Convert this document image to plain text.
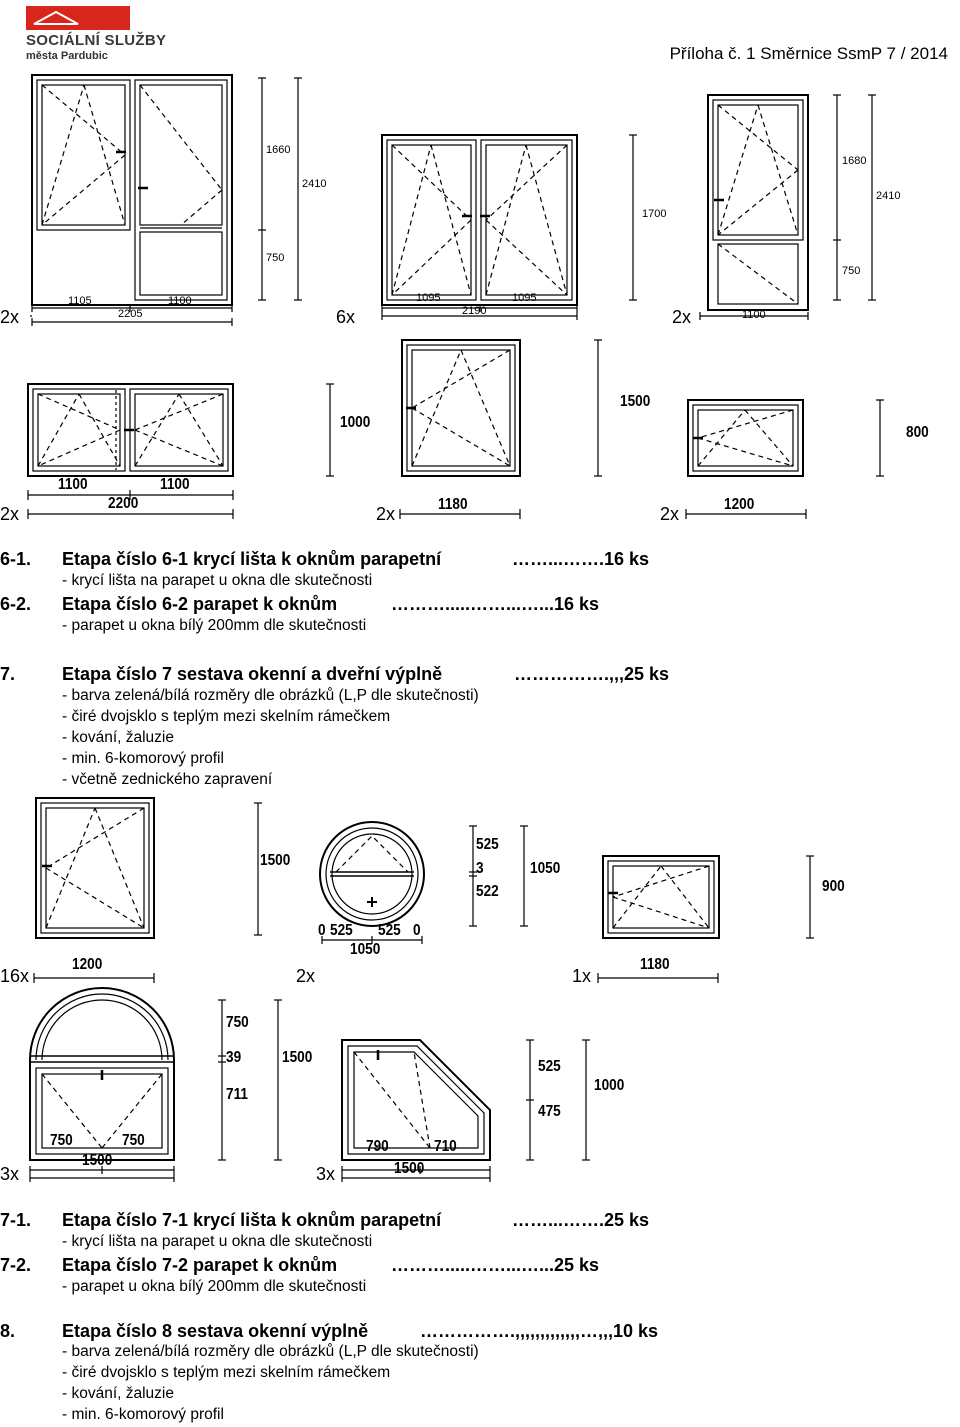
SOCIÁLNÍ SLUŽBY
města Pardubic	Příloha č. 1 Směrnice SsmP 7 / 2014
1660
2410
750
1105	1100
2205
2x
1700
1095	1095
2190
6x
1680
2410
750
1100
2x
1000
1100	1100
2200
2x
1500
1180
2x
800
1200
2x
6-1. Etapa číslo 6-1 krycí lišta k oknům parapetní	……...…….16 ks
- krycí lišta na parapet u okna dle skutečnosti
6-2. Etapa číslo 6-2 parapet k oknům	……….....……...…...16 ks
- parapet u okna bílý 200mm dle skutečnosti
7.	Etapa číslo 7 sestava okenní a dveřní výplně	…………….,,,25 ks
- barva zelená/bílá rozměry dle obrázků (L,P dle skutečnosti)
- čiré dvojsklo s teplým mezi skelním rámečkem
- kování, žaluzie
- min. 6-komorový profil
- včetně zednického zapravení
1500
1200
16x
525
3
522
1050
0 525 525 0
1050
2x
900
1180
1x
750
39
711
1500
750	750
1500
3x
525
1000
475
790	710
1500
3x
7-1. Etapa číslo 7-1 krycí lišta k oknům parapetní	……...…….25 ks
- krycí lišta na parapet u okna dle skutečnosti
7-2. Etapa číslo 7-2 parapet k oknům	……….....……...…...25 ks
- parapet u okna bílý 200mm dle skutečnosti
8.	Etapa číslo 8 sestava okenní výplně	…………….,,,,,,,,,,,,,…,,,10 ks
- barva zelená/bílá rozměry dle obrázků (L,P dle skutečnosti)
- čiré dvojsklo s teplým mezi skelním rámečkem
- kování, žaluzie
- min. 6-komorový profil
